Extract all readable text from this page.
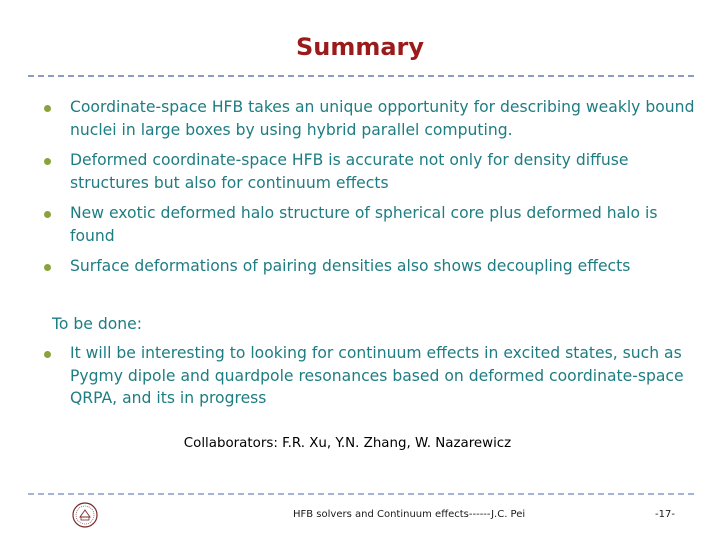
Summary
Coordinate-space HFB takes an unique opportunity for describing weakly bound nuclei in large boxes by using hybrid parallel computing.
Deformed coordinate-space HFB is accurate not only for density diffuse structures but also for continuum effects
New exotic deformed halo structure of spherical core plus deformed halo is found
Surface deformations of pairing densities also shows decoupling effects
To be done:
It will be interesting to looking for continuum effects in excited states, such as Pygmy dipole and quardpole resonances based on deformed coordinate-space QRPA, and its in progress
Collaborators: F.R. Xu, Y.N. Zhang, W. Nazarewicz
HFB solvers and Continuum effects------J.C. Pei	-17-
